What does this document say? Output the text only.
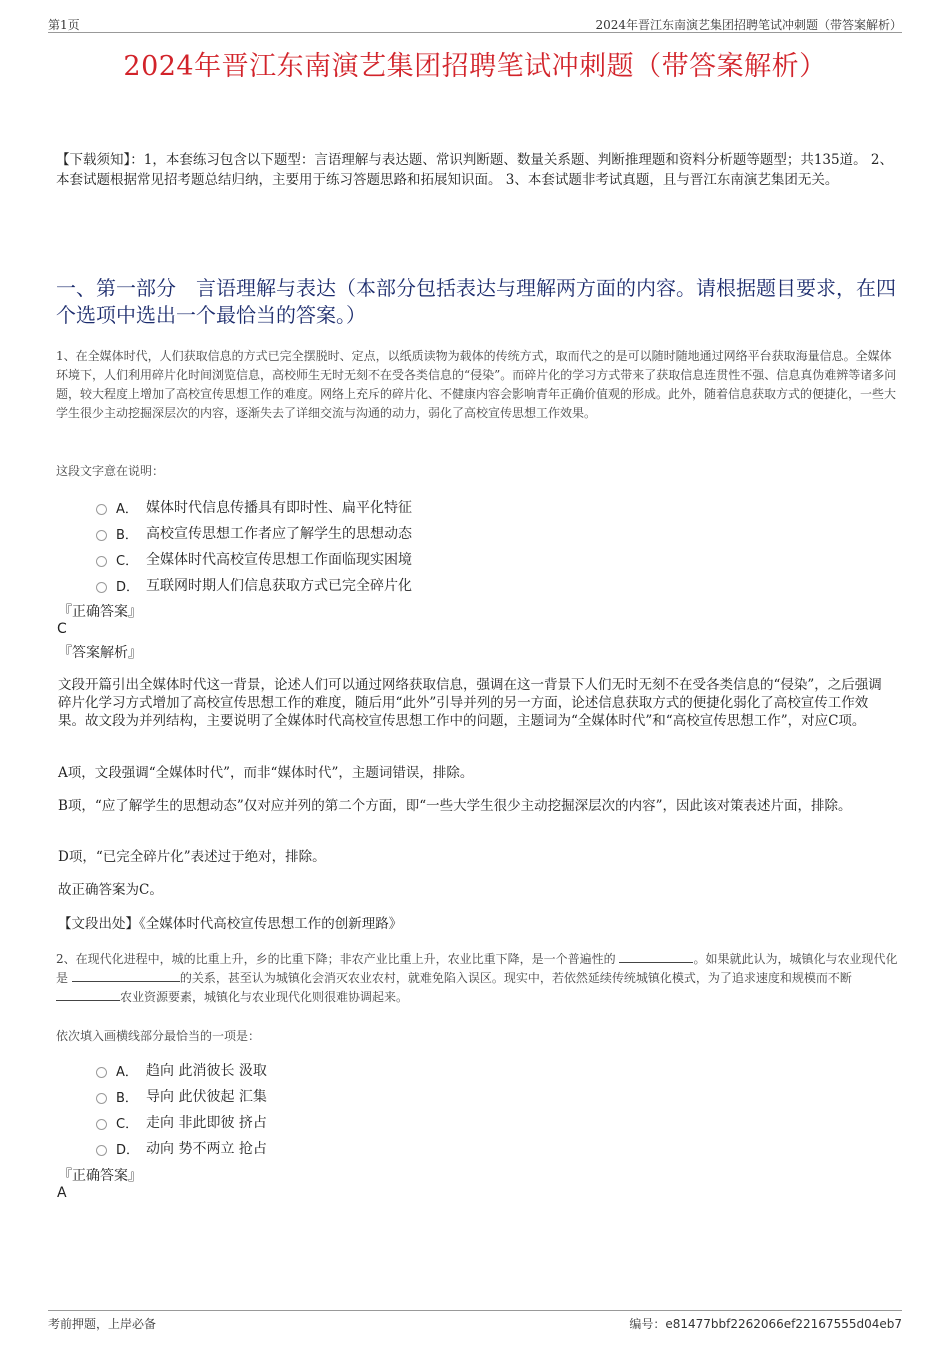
第1页	2024年晋江东南演艺集团招聘笔试冲刺题（带答案解析）
2024年晋江东南演艺集团招聘笔试冲刺题（带答案解析）

【下载须知】：1，本套练习包含以下题型：言语理解与表达题、常识判断题、数量关系题、判断推理题和资料分析题等题型；共135道。 2、本套试题根据常见招考题总结归纳，主要用于练习答题思路和拓展知识面。 3、本套试题非考试真题，且与晋江东南演艺集团无关。

一、第一部分　言语理解与表达（本部分包括表达与理解两方面的内容。请根据题目要求，在四个选项中选出一个最恰当的答案。）

1、在全媒体时代，人们获取信息的方式已完全摆脱时、定点，以纸质读物为载体的传统方式，取而代之的是可以随时随地通过网络平台获取海量信息。全媒体环境下，人们利用碎片化时间浏览信息，高校师生无时无刻不在受各类信息的“侵染”。而碎片化的学习方式带来了获取信息连贯性不强、信息真伪难辨等诸多问题，较大程度上增加了高校宣传思想工作的难度。网络上充斥的碎片化、不健康内容会影响青年正确价值观的形成。此外，随着信息获取方式的便捷化，一些大学生很少主动挖掘深层次的内容，逐渐失去了详细交流与沟通的动力，弱化了高校宣传思想工作效果。

这段文字意在说明：
A． 媒体时代信息传播具有即时性、扁平化特征
B． 高校宣传思想工作者应了解学生的思想动态
C． 全媒体时代高校宣传思想工作面临现实困境
D． 互联网时期人们信息获取方式已完全碎片化
『正确答案』
C
『答案解析』

文段开篇引出全媒体时代这一背景，论述人们可以通过网络获取信息，强调在这一背景下人们无时无刻不在受各类信息的“侵染”，之后强调碎片化学习方式增加了高校宣传思想工作的难度，随后用“此外”引导并列的另一方面，论述信息获取方式的便捷化弱化了高校宣传工作效果。故文段为并列结构，主要说明了全媒体时代高校宣传思想工作中的问题，主题词为“全媒体时代”和“高校宣传思想工作”，对应C项。

A项，文段强调“全媒体时代”，而非“媒体时代”，主题词错误，排除。

B项，“应了解学生的思想动态”仅对应并列的第二个方面，即“一些大学生很少主动挖掘深层次的内容”，因此该对策表述片面，排除。

D项，“已完全碎片化”表述过于绝对，排除。

故正确答案为C。

【文段出处】《全媒体时代高校宣传思想工作的创新理路》

2、在现代化进程中，城的比重上升，乡的比重下降；非农产业比重上升，农业比重下降，是一个普遍性的	。如果就此认为，城镇化与农业现代化是	的关系，甚至认为城镇化会消灭农业农村，就难免陷入误区。现实中，若依然延续传统城镇化模式，为了追求速度和规模而不断 农业资源要素，城镇化与农业现代化则很难协调起来。

依次填入画横线部分最恰当的一项是：
A． 趋向 此消彼长 汲取
B． 导向 此伏彼起 汇集
C． 走向 非此即彼 挤占
D． 动向 势不两立 抢占
『正确答案』
A
考前押题，上岸必备	编号：e81477bbf2262066ef22167555d04eb7
